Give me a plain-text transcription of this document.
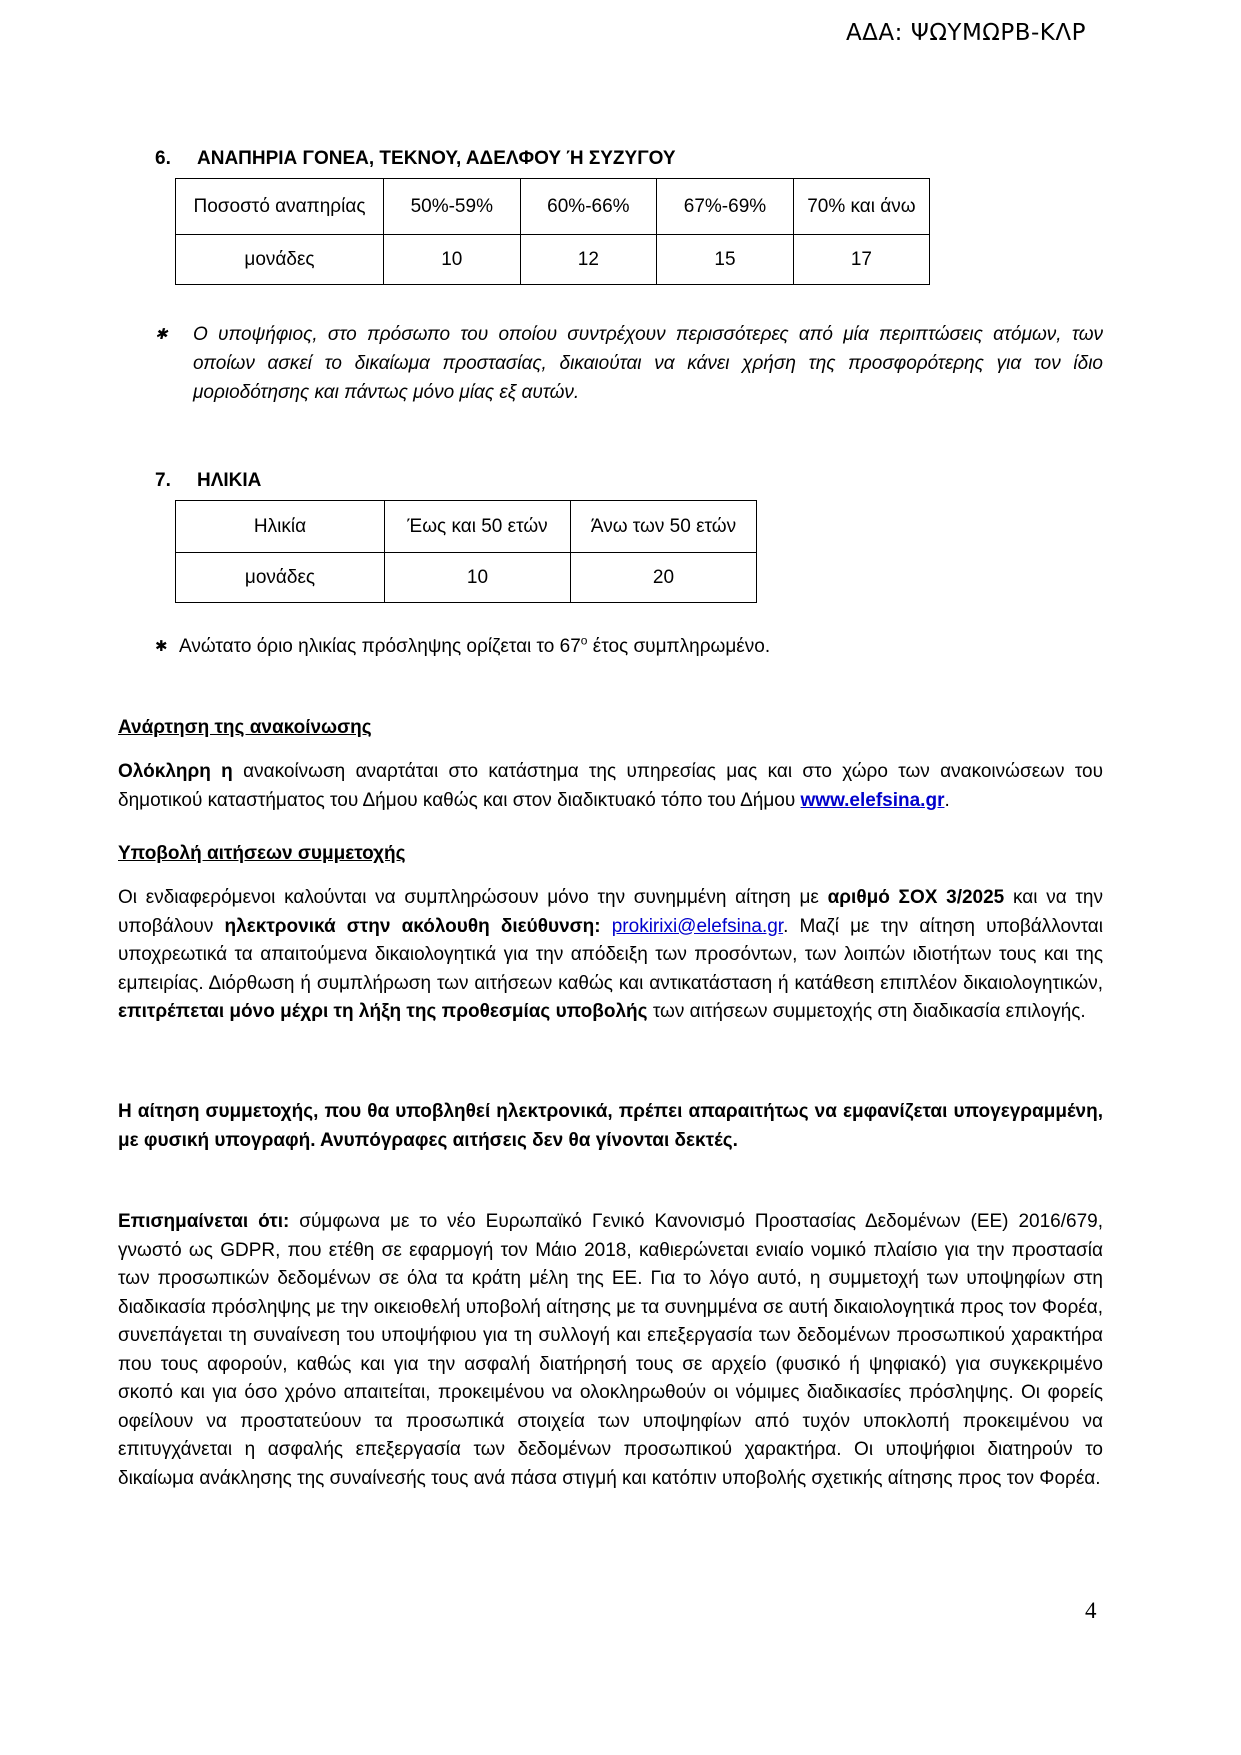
ΑΔΑ: ΨΩΥΜΩΡΒ-ΚΛΡ
6. ΑΝΑΠΗΡΙΑ ΓΟΝΕΑ, ΤΕΚΝΟΥ, ΑΔΕΛΦΟΥ Ή ΣΥΖΥΓΟΥ
Ποσοστό αναπηρίας	50%-59%	60%-66%	67%-69%	70% και άνω
μονάδες	10	12	15	17
✱ Ο υποψήφιος, στο πρόσωπο του οποίου συντρέχουν περισσότερες από μία περιπτώσεις ατόμων, των οποίων ασκεί το δικαίωμα προστασίας, δικαιούται να κάνει χρήση της προσφορότερης για τον ίδιο μοριοδότησης και πάντως μόνο μίας εξ αυτών.
7. ΗΛΙΚΙΑ
Ηλικία	Έως και 50 ετών	Άνω των 50 ετών
μονάδες	10	20
✱ Ανώτατο όριο ηλικίας πρόσληψης ορίζεται το $67^o$ έτος συμπληρωμένο.
Ανάρτηση της ανακοίνωσης
Ολόκληρη η ανακοίνωση αναρτάται στο κατάστημα της υπηρεσίας μας και στο χώρο των ανακοινώσεων του δημοτικού καταστήματος του Δήμου καθώς και στον διαδικτυακό τόπο του Δήμου www.elefsina.gr.
Υποβολή αιτήσεων συμμετοχής
Οι ενδιαφερόμενοι καλούνται να συμπληρώσουν μόνο την συνημμένη αίτηση με αριθμό ΣΟΧ 3/2025 και να την υποβάλουν ηλεκτρονικά στην ακόλουθη διεύθυνση: prokirixi@elefsina.gr. Μαζί με την αίτηση υποβάλλονται υποχρεωτικά τα απαιτούμενα δικαιολογητικά για την απόδειξη των προσόντων, των λοιπών ιδιοτήτων τους και της εμπειρίας. Διόρθωση ή συμπλήρωση των αιτήσεων καθώς και αντικατάσταση ή κατάθεση επιπλέον δικαιολογητικών, επιτρέπεται μόνο μέχρι τη λήξη της προθεσμίας υποβολής των αιτήσεων συμμετοχής στη διαδικασία επιλογής.
Η αίτηση συμμετοχής, που θα υποβληθεί ηλεκτρονικά, πρέπει απαραιτήτως να εμφανίζεται υπογεγραμμένη, με φυσική υπογραφή. Ανυπόγραφες αιτήσεις δεν θα γίνονται δεκτές.
Επισημαίνεται ότι: σύμφωνα με το νέο Ευρωπαϊκό Γενικό Κανονισμό Προστασίας Δεδομένων (ΕΕ) 2016/679, γνωστό ως GDPR, που ετέθη σε εφαρμογή τον Μάιο 2018, καθιερώνεται ενιαίο νομικό πλαίσιο για την προστασία των προσωπικών δεδομένων σε όλα τα κράτη μέλη της ΕΕ. Για το λόγο αυτό, η συμμετοχή των υποψηφίων στη διαδικασία πρόσληψης με την οικειοθελή υποβολή αίτησης με τα συνημμένα σε αυτή δικαιολογητικά προς τον Φορέα, συνεπάγεται τη συναίνεση του υποψήφιου για τη συλλογή και επεξεργασία των δεδομένων προσωπικού χαρακτήρα που τους αφορούν, καθώς και για την ασφαλή διατήρησή τους σε αρχείο (φυσικό ή ψηφιακό) για συγκεκριμένο σκοπό και για όσο χρόνο απαιτείται, προκειμένου να ολοκληρωθούν οι νόμιμες διαδικασίες πρόσληψης. Οι φορείς οφείλουν να προστατεύουν τα προσωπικά στοιχεία των υποψηφίων από τυχόν υποκλοπή προκειμένου να επιτυγχάνεται η ασφαλής επεξεργασία των δεδομένων προσωπικού χαρακτήρα. Οι υποψήφιοι διατηρούν το δικαίωμα ανάκλησης της συναίνεσής τους ανά πάσα στιγμή και κατόπιν υποβολής σχετικής αίτησης προς τον Φορέα.
4
